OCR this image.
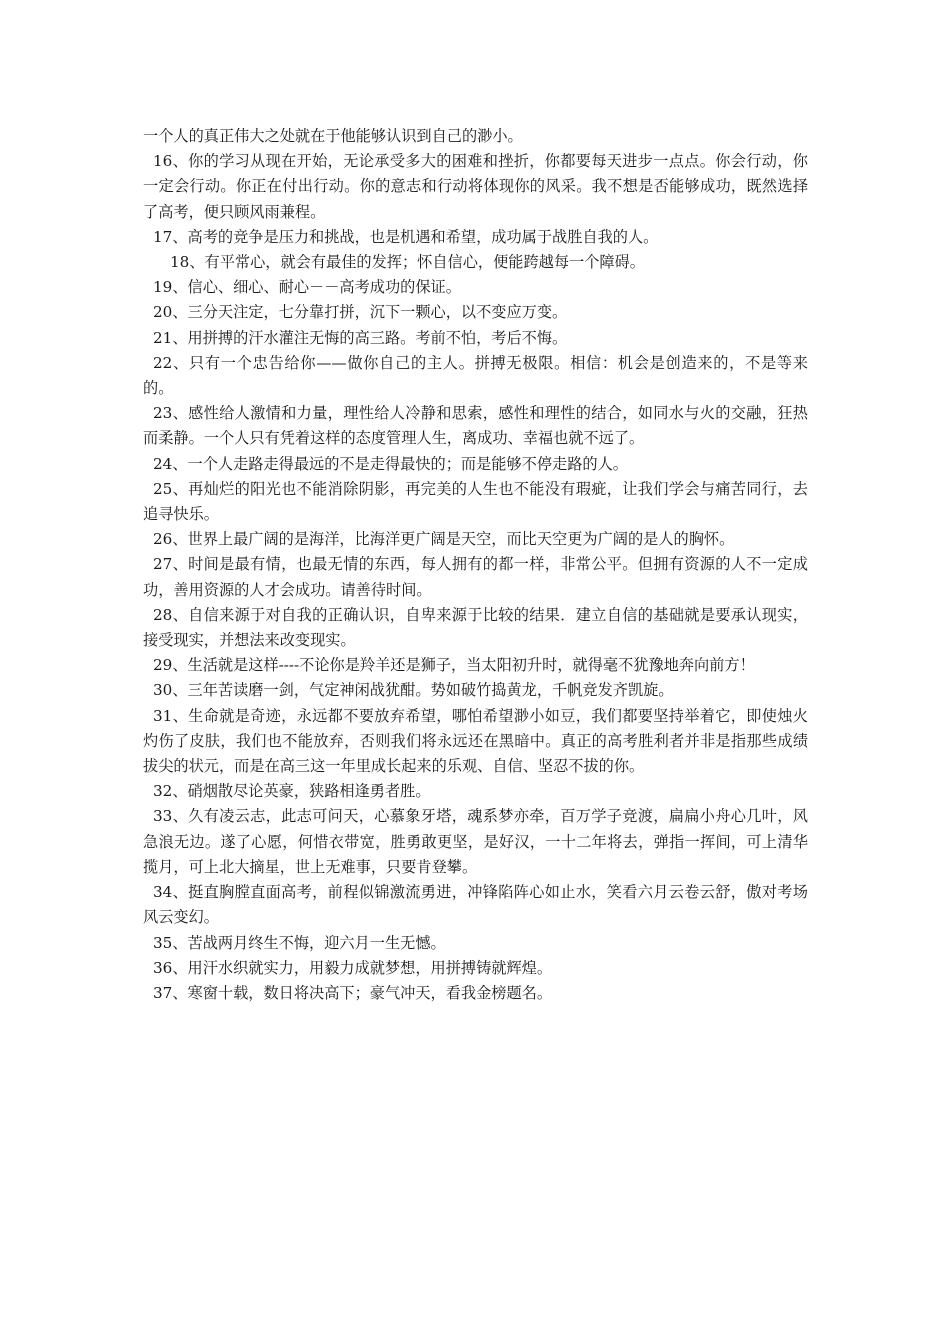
一个人的真正伟大之处就在于他能够认识到自己的渺小。

16、你的学习从现在开始，无论承受多大的困难和挫折，你都要每天进步一点点。你会行动，你一定会行动。你正在付出行动。你的意志和行动将体现你的风采。我不想是否能够成功，既然选择了高考，便只顾风雨兼程。

17、高考的竞争是压力和挑战，也是机遇和希望，成功属于战胜自我的人。

18、有平常心，就会有最佳的发挥；怀自信心，便能跨越每一个障碍。

19、信心、细心、耐心－－高考成功的保证。

20、三分天注定，七分靠打拼，沉下一颗心，以不变应万变。

21、用拼搏的汗水灌注无悔的高三路。考前不怕，考后不悔。

22、只有一个忠告给你——做你自己的主人。拼搏无极限。相信：机会是创造来的，不是等来的。

23、感性给人激情和力量，理性给人冷静和思索，感性和理性的结合，如同水与火的交融，狂热而柔静。一个人只有凭着这样的态度管理人生，离成功、幸福也就不远了。

24、一个人走路走得最远的不是走得最快的；而是能够不停走路的人。

25、再灿烂的阳光也不能消除阴影，再完美的人生也不能没有瑕疵，让我们学会与痛苦同行，去追寻快乐。

26、世界上最广阔的是海洋，比海洋更广阔是天空，而比天空更为广阔的是人的胸怀。

27、时间是最有情，也最无情的东西，每人拥有的都一样，非常公平。但拥有资源的人不一定成功，善用资源的人才会成功。请善待时间。

28、自信来源于对自我的正确认识，自卑来源于比较的结果．建立自信的基础就是要承认现实，接受现实，并想法来改变现实。

29、生活就是这样----不论你是羚羊还是狮子，当太阳初升时，就得毫不犹豫地奔向前方！

30、三年苦读磨一剑，气定神闲战犹酣。势如破竹捣黄龙，千帆竞发齐凯旋。

31、生命就是奇迹，永远都不要放弃希望，哪怕希望渺小如豆，我们都要坚持举着它，即使烛火灼伤了皮肤，我们也不能放弃，否则我们将永远还在黑暗中。真正的高考胜利者并非是指那些成绩拔尖的状元，而是在高三这一年里成长起来的乐观、自信、坚忍不拔的你。

32、硝烟散尽论英豪，狭路相逢勇者胜。

33、久有凌云志，此志可问天，心慕象牙塔，魂系梦亦牵，百万学子竞渡，扁扁小舟心几叶，风急浪无边。遂了心愿，何惜衣带宽，胜勇敢更坚，是好汉，一十二年将去，弹指一挥间，可上清华揽月，可上北大摘星，世上无难事，只要肯登攀。

34、挺直胸膛直面高考，前程似锦激流勇进，冲锋陷阵心如止水，笑看六月云卷云舒，傲对考场风云变幻。

35、苦战两月终生不悔，迎六月一生无憾。

36、用汗水织就实力，用毅力成就梦想，用拼搏铸就辉煌。

37、寒窗十载，数日将决高下；豪气冲天，看我金榜题名。
